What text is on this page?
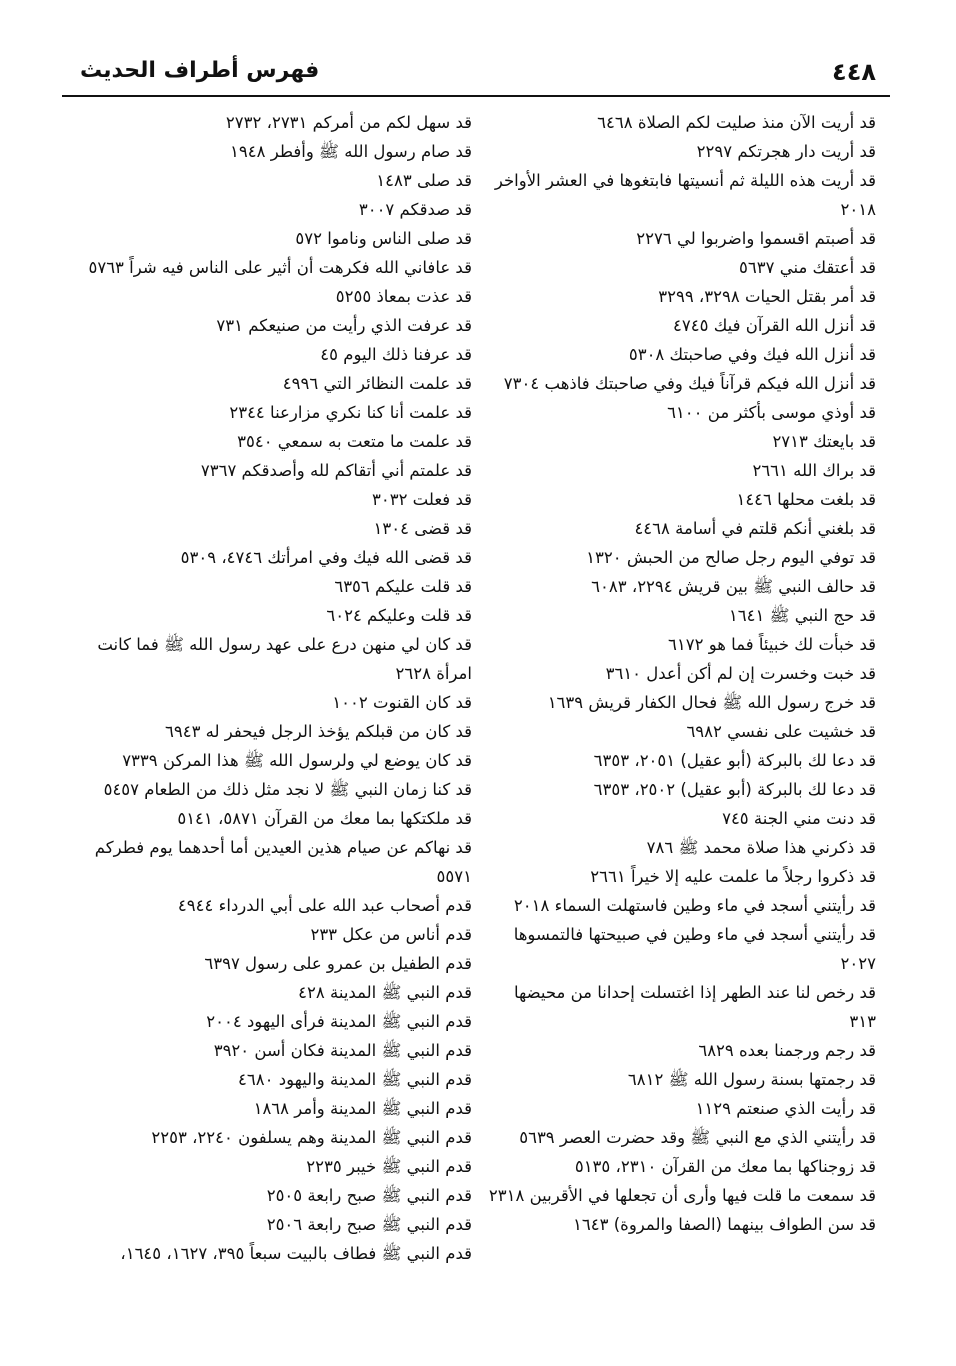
٤٤٨
فهرس أطراف الحديث

قد أريت الآن منذ صليت لكم الصلاة ٦٤٦٨

قد أريت دار هجرتكم ٢٢٩٧

قد أريت هذه الليلة ثم أنسيتها فابتغوها في العشر الأواخر ٢٠١٨

قد أصبتم اقسموا واضربوا لي ٢٢٧٦

قد أعتقك مني ٥٦٣٧

قد أمر بقتل الحيات ٣٢٩٨، ٣٢٩٩

قد أنزل الله القرآن فيك ٤٧٤٥

قد أنزل الله فيك وفي صاحبتك ٥٣٠٨

قد أنزل الله فيكم قرآناً فيك وفي صاحبتك فاذهب ٧٣٠٤

قد أوذي موسى بأكثر من ٦١٠٠

قد بايعتك ٢٧١٣

قد براك الله ٢٦٦١

قد بلغت محلها ١٤٤٦

قد بلغني أنكم قلتم في أسامة ٤٤٦٨

قد توفي اليوم رجل صالح من الحبش ١٣٢٠

قد حالف النبي ﷺ بين قريش ٢٢٩٤، ٦٠٨٣

قد حج النبي ﷺ ١٦٤١

قد خبأت لك خبيئاً فما هو ٦١٧٢

قد خبت وخسرت إن لم أكن أعدل ٣٦١٠

قد خرج رسول الله ﷺ فحال الكفار قريش ١٦٣٩

قد خشيت على نفسي ٦٩٨٢

قد دعا لك بالبركة (أبو عقيل) ٢٠٥١، ٦٣٥٣

قد دعا لك بالبركة (أبو عقيل) ٢٥٠٢، ٦٣٥٣

قد دنت مني الجنة ٧٤٥

قد ذكرني هذا صلاة محمد ﷺ ٧٨٦

قد ذكروا رجلاً ما علمت عليه إلا خيراً ٢٦٦١

قد رأيتني أسجد في ماء وطين فاستهلت السماء ٢٠١٨

قد رأيتني أسجد في ماء وطين في صبيحتها فالتمسوها ٢٠٢٧

قد رخص لنا عند الطهر إذا اغتسلت إحدانا من محيضها ٣١٣

قد رجم ورجمنا بعده ٦٨٢٩

قد رجمتها بسنة رسول الله ﷺ ٦٨١٢

قد رأيت الذي صنعتم ١١٢٩

قد رأيتني الذي مع النبي ﷺ وقد حضرت العصر ٥٦٣٩

قد زوجناكها بما معك من القرآن ٢٣١٠، ٥١٣٥

قد سمعت ما قلت فيها وأرى أن تجعلها في الأقربين ٢٣١٨

قد سن الطواف بينهما (الصفا والمروة) ١٦٤٣

قد سهل لكم من أمركم ٢٧٣١، ٢٧٣٢

قد صام رسول الله ﷺ وأفطر ١٩٤٨

قد صلى ١٤٨٣

قد صدقكم ٣٠٠٧

قد صلى الناس وناموا ٥٧٢

قد عافاني الله فكرهت أن أثير على الناس فيه شراً ٥٧٦٣

قد عذت بمعاذ ٥٢٥٥

قد عرفت الذي رأيت من صنيعكم ٧٣١

قد عرفنا ذلك اليوم ٤٥

قد علمت النظائر التي ٤٩٩٦

قد علمت أنا كنا نكري مزارعنا ٢٣٤٤

قد علمت ما متعت به سمعي ٣٥٤٠

قد علمتم أني أتقاكم لله وأصدقكم ٧٣٦٧

قد فعلت ٣٠٣٢

قد قضى ١٣٠٤

قد قضى الله فيك وفي امرأتك ٤٧٤٦، ٥٣٠٩

قد قلت عليكم ٦٣٥٦

قد قلت وعليكم ٦٠٢٤

قد كان لي منهن درع على عهد رسول الله ﷺ فما كانت امرأة ٢٦٢٨

قد كان القنوت ١٠٠٢

قد كان من قبلكم يؤخذ الرجل فيحفر له ٦٩٤٣

قد كان يوضع لي ولرسول الله ﷺ هذا المركن ٧٣٣٩

قد كنا زمان النبي ﷺ لا نجد مثل ذلك من الطعام ٥٤٥٧

قد ملكتكها بما معك من القرآن ٥٨٧١، ٥١٤١

قد نهاكم عن صيام هذين العيدين أما أحدهما يوم فطركم ٥٥٧١

قدم أصحاب عبد الله على أبي الدرداء ٤٩٤٤

قدم أناس من عكل ٢٣٣

قدم الطفيل بن عمرو على رسول ٦٣٩٧

قدم النبي ﷺ المدينة ٤٢٨

قدم النبي ﷺ المدينة فرأى اليهود ٢٠٠٤

قدم النبي ﷺ المدينة فكان أسن ٣٩٢٠

قدم النبي ﷺ المدينة واليهود ٤٦٨٠

قدم النبي ﷺ المدينة وأمر ١٨٦٨

قدم النبي ﷺ المدينة وهم يسلفون ٢٢٤٠، ٢٢٥٣

قدم النبي ﷺ خيبر ٢٢٣٥

قدم النبي ﷺ صبح رابعة ٢٥٠٥

قدم النبي ﷺ صبح رابعة ٢٥٠٦

قدم النبي ﷺ فطاف بالبيت سبعاً ٣٩٥، ١٦٢٧، ١٦٤٥،
